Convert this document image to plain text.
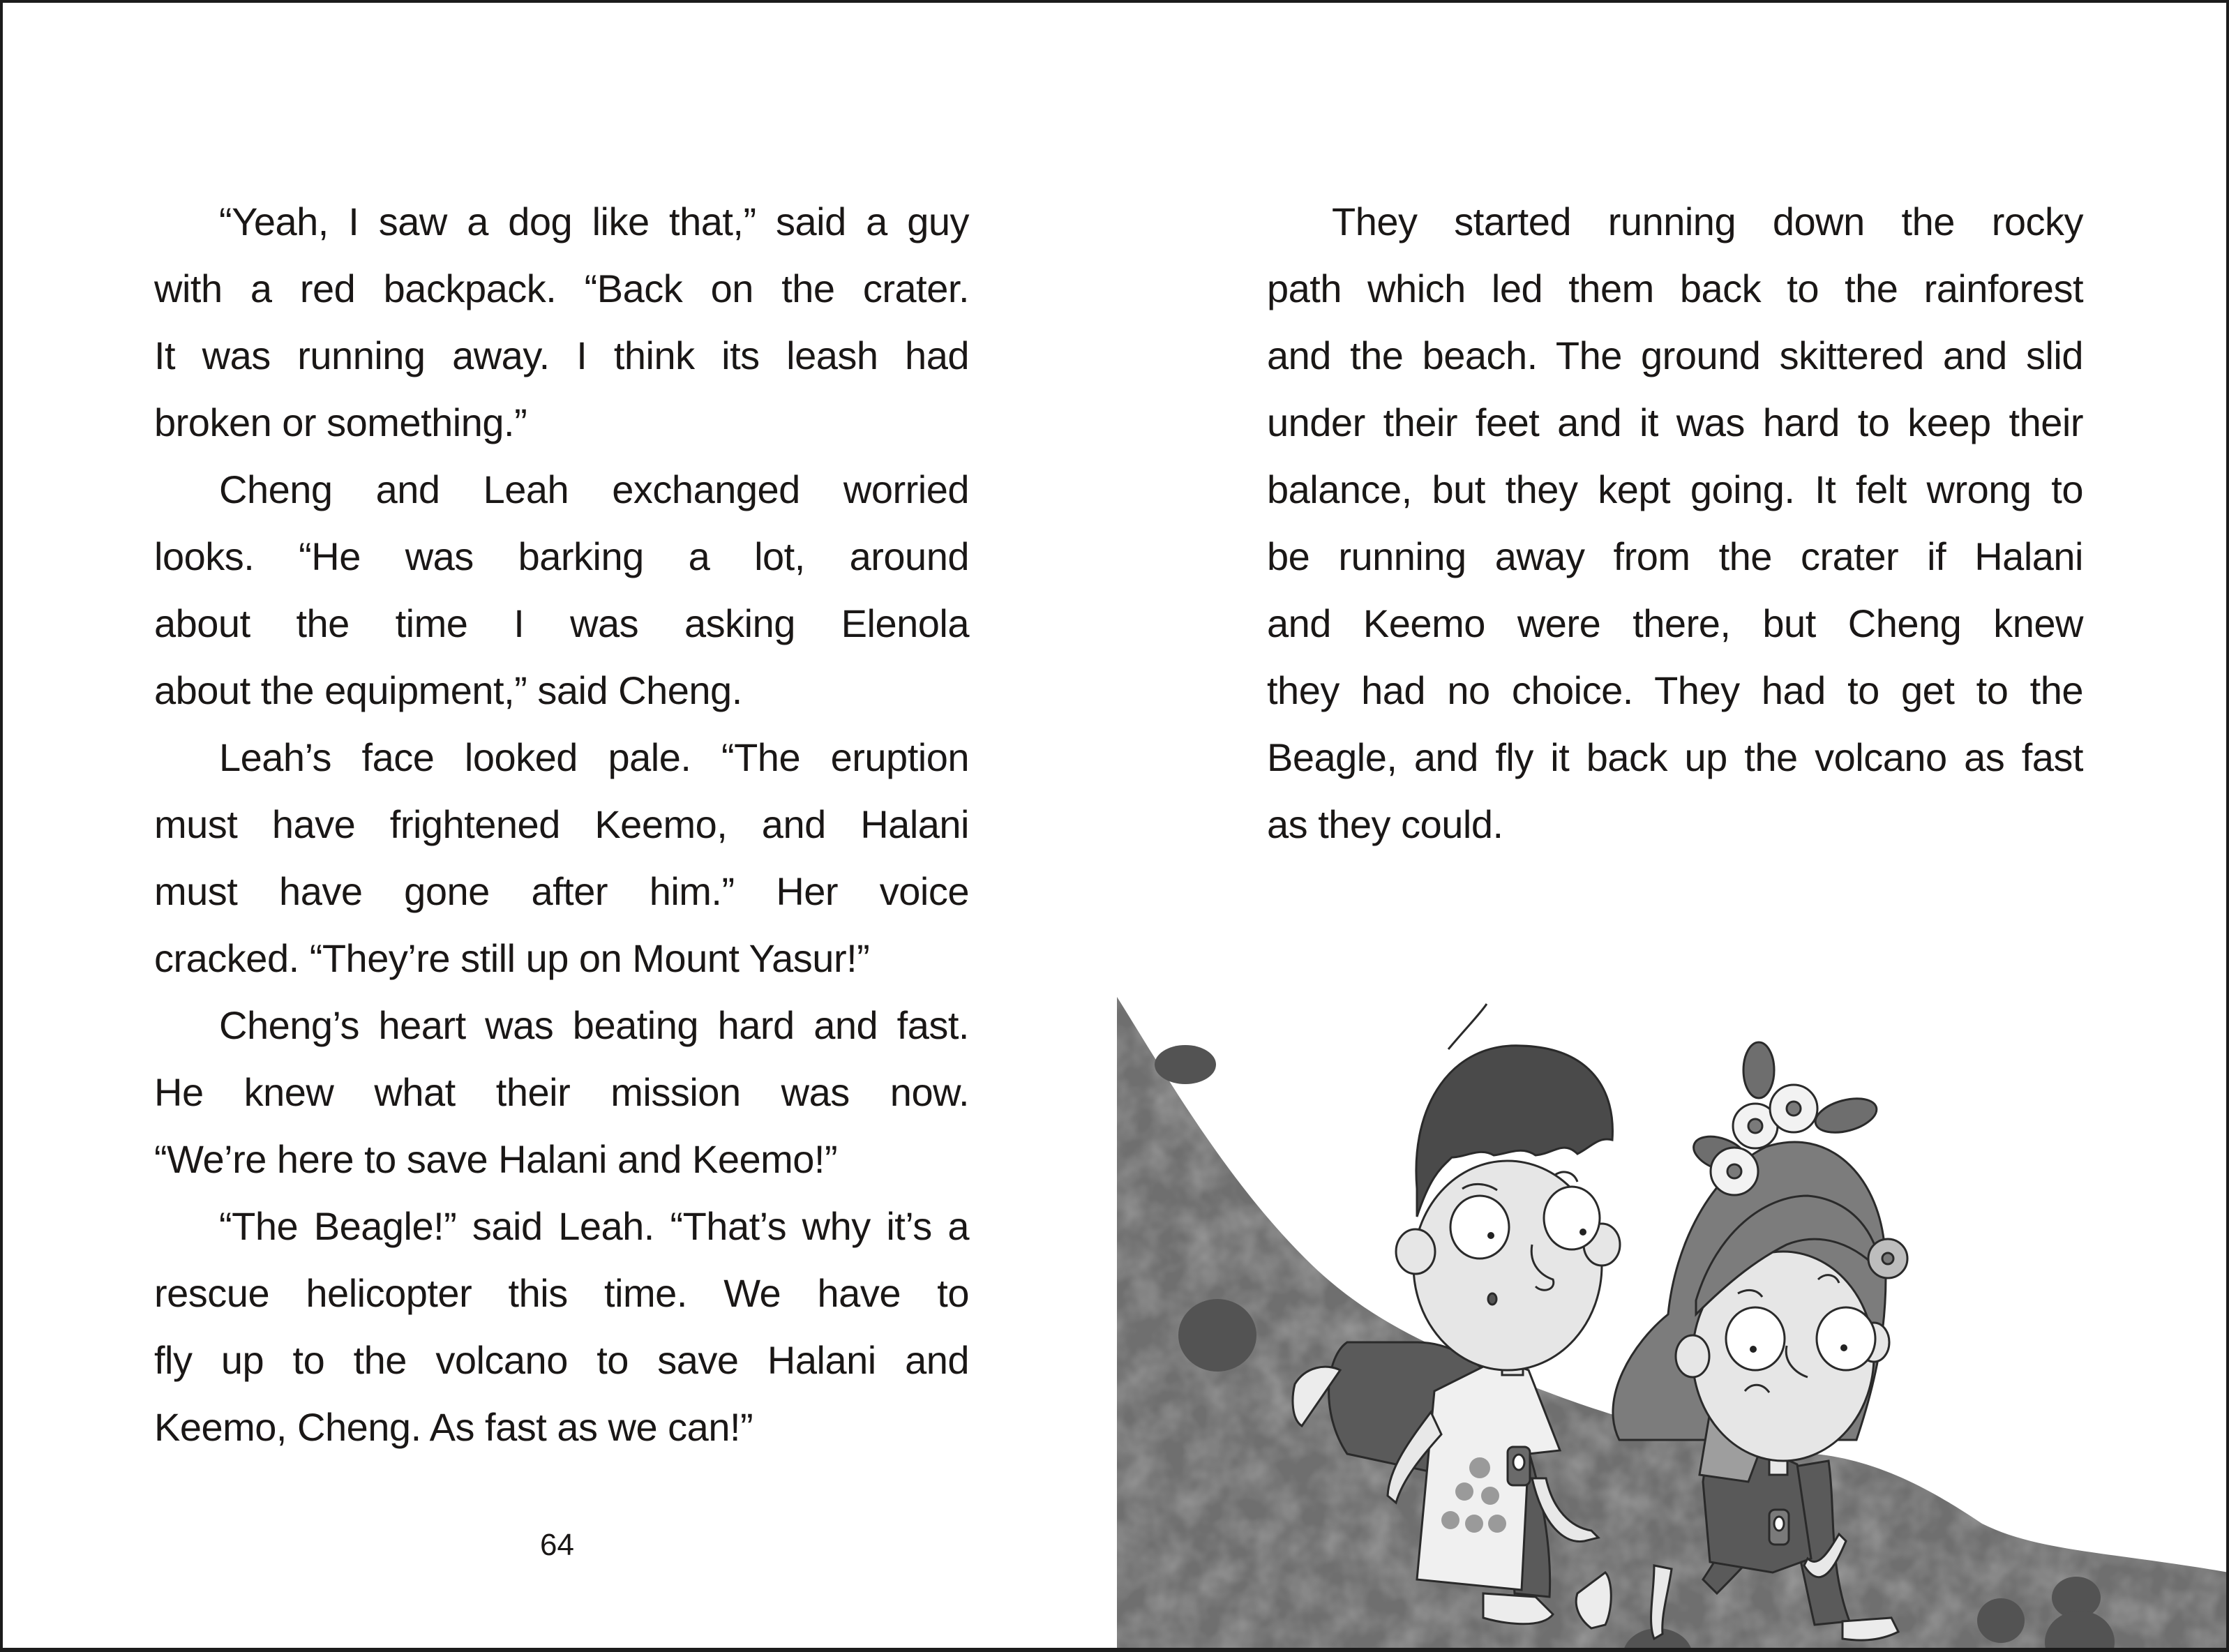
“Yeah, I saw a dog like that,” said a guy
with a red backpack. “Back on the crater.
It was running away. I think its leash had
broken or something.”
Cheng and Leah exchanged worried
looks. “He was barking a lot, around
about the time I was asking Elenola
about the equipment,” said Cheng.
Leah’s face looked pale. “The eruption
must have frightened Keemo, and Halani
must have gone after him.” Her voice
cracked. “They’re still up on Mount Yasur!”
Cheng’s heart was beating hard and fast.
He knew what their mission was now.
“We’re here to save Halani and Keemo!”
“The Beagle!” said Leah. “That’s why it’s a
rescue helicopter this time. We have to
fly up to the volcano to save Halani and
Keemo, Cheng. As fast as we can!”
64
They started running down the rocky
path which led them back to the rainforest
and the beach. The ground skittered and slid
under their feet and it was hard to keep their
balance, but they kept going. It felt wrong to
be running away from the crater if Halani
and Keemo were there, but Cheng knew
they had no choice. They had to get to the
Beagle, and fly it back up the volcano as fast
as they could.
